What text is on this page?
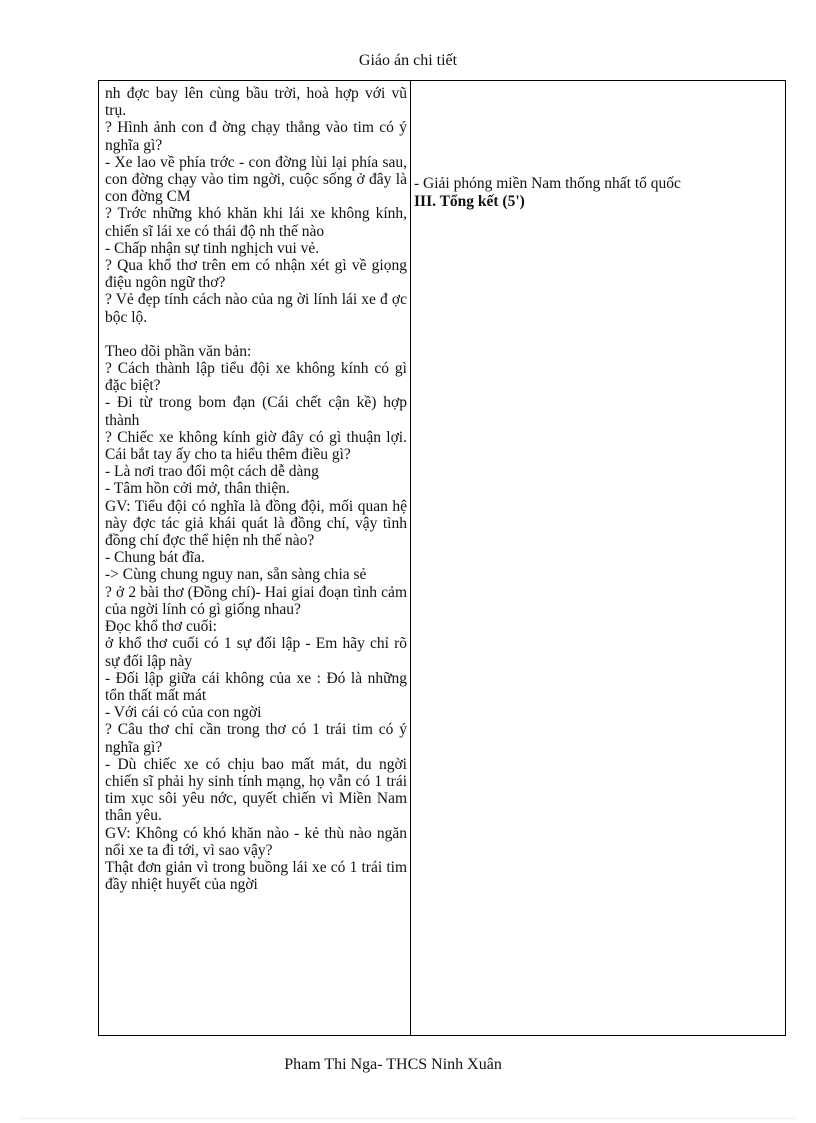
Giáo án chi tiết

nh đợc bay lên cùng bầu trời, hoà hợp với vũ trụ.

? Hình ảnh con đ ờng chạy thẳng vào tim có ý nghĩa gì?

- Xe lao về phía trớc - con đờng lùi lại phía sau, con đờng chạy vào tim ngời, cuộc sống ở đây là con đờng CM

? Trớc những khó khăn khi lái xe không kính, chiến sĩ lái xe có thái độ nh thế nào

- Chấp nhận sự tinh nghịch vui vẻ.

? Qua khổ thơ trên em có nhận xét gì về giọng điệu ngôn ngữ thơ?

? Vẻ đẹp tính cách nào của ng ời lính lái xe đ ợc bộc lộ.

Theo dõi phần văn bản:

? Cách thành lập tiểu đội xe không kính có gì đặc biệt?

- Đi từ trong bom đạn (Cái chết cận kề) hợp thành

? Chiếc xe không kính giờ đây có gì thuận lợi. Cái bắt tay ấy cho ta hiểu thêm điều gì?

- Là nơi trao đổi một cách dễ dàng

- Tâm hồn cởi mở, thân thiện.

GV: Tiểu đội có nghĩa là đồng đội, mối quan hệ này đợc tác giả khái quát là đồng chí, vậy tình đồng chí đợc thể hiện nh thế nào?

- Chung bát đĩa.

-> Cùng chung nguy nan, sẵn sàng chia sẻ

? ở 2 bài thơ (Đồng chí)- Hai giai đoạn tình cảm của ngời lính có gì giống nhau?

Đọc khổ thơ cuối:

ở khổ thơ cuối có 1 sự đối lập - Em hãy chỉ rõ sự đối lập này

- Đối lập giữa cái không của xe : Đó là những tổn thất mất mát

- Với cái có của con ngời

? Câu thơ chỉ cần trong thơ có 1 trái tim có ý nghĩa gì?

- Dù chiếc xe có chịu bao mất mát, du ngời chiến sĩ phải hy sinh tính mạng, họ vẫn có 1 trái tim xục sôi yêu nớc, quyết chiến vì Miền Nam thân yêu.

GV: Không có khó khăn nào - kẻ thù nào ngăn nổi xe ta đi tới, vì sao vậy?

Thật đơn giản vì trong buồng lái xe có 1 trái tim đầy nhiệt huyết của ngời

- Giải phóng miền Nam thống nhất tổ quốc

III. Tổng kết (5')

Pham Thi Nga- THCS Ninh Xuân
